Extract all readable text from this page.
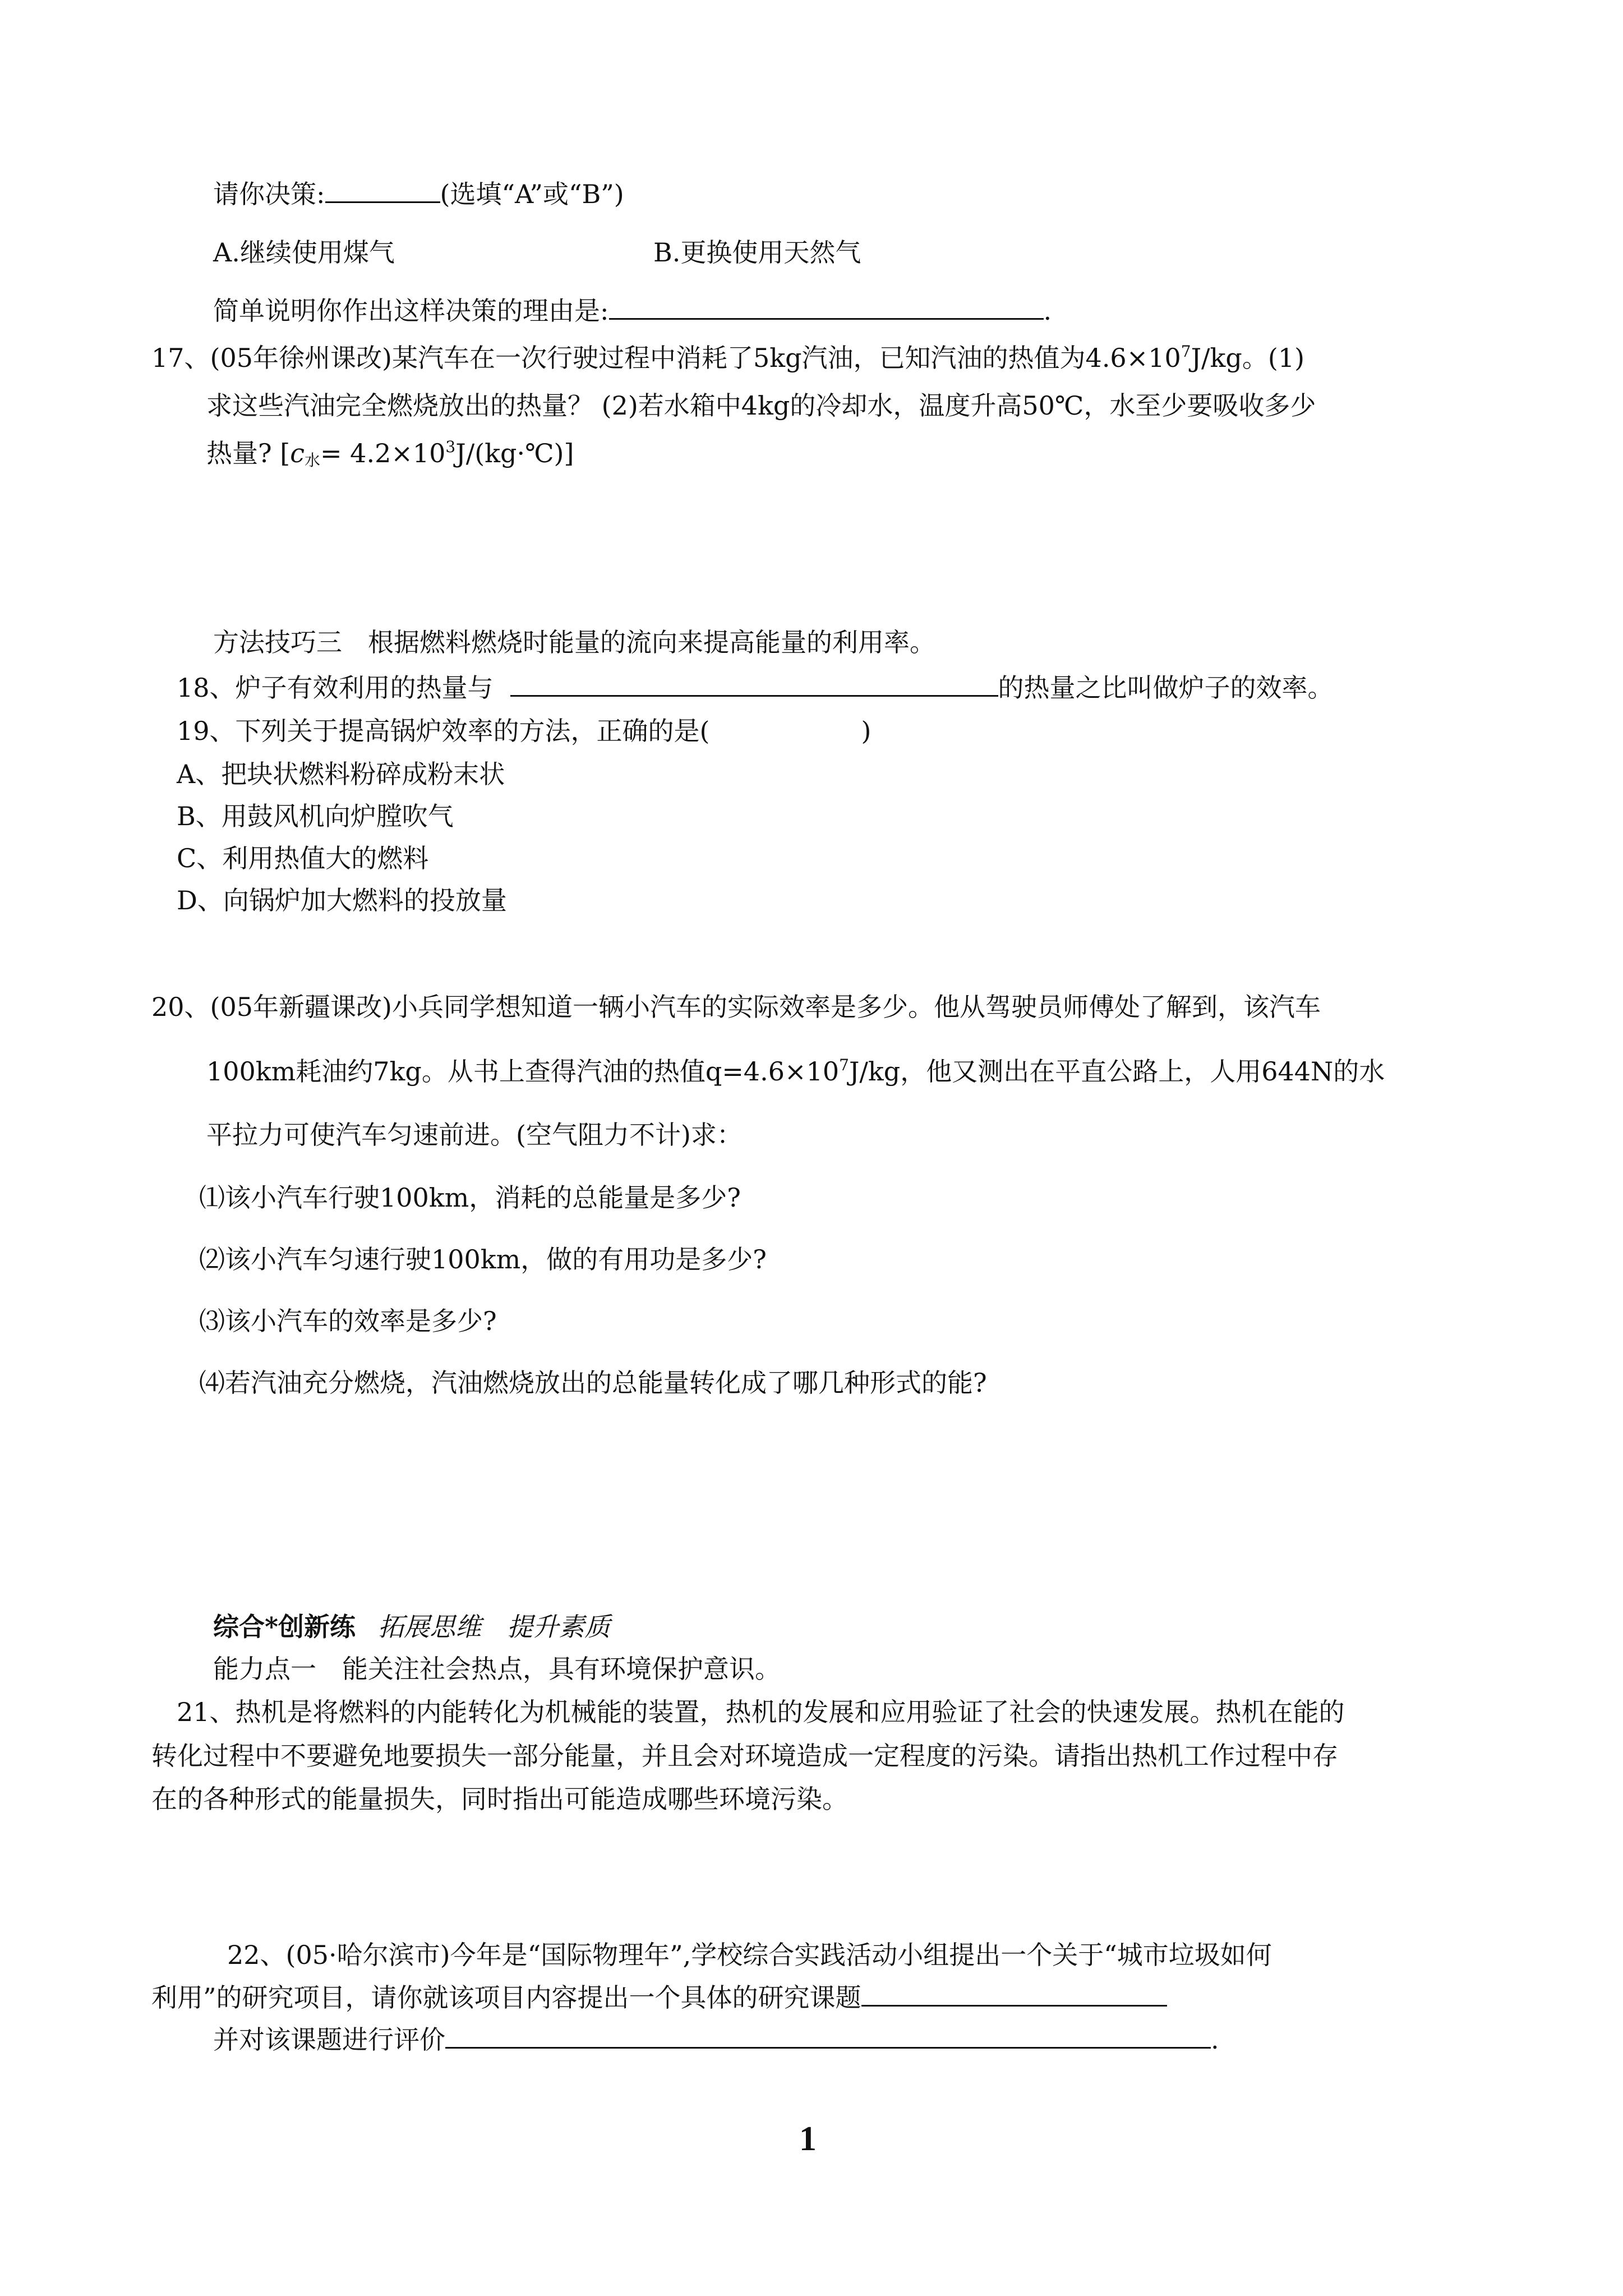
请你决策:	(选填“A”或“B”)
A.继续使用煤气	B.更换使用天然气
简单说明你作出这样决策的理由是:	.
17、(05年徐州课改)某汽车在一次行驶过程中消耗了5kg汽油，已知汽油的热值为$4.6\times 10^7J/kg$。(1)
求这些汽油完全燃烧放出的热量？ (2)若水箱中4kg的冷却水，温度升高50℃，水至少要吸收多少
热量? [$c_水=$ $4.2\times 10^3J/(kg\cdot℃)$]
方法技巧三　根据燃料燃烧时能量的流向来提高能量的利用率。
18、炉子有效利用的热量与	的热量之比叫做炉子的效率。
19、下列关于提高锅炉效率的方法，正确的是(	)
A、把块状燃料粉碎成粉末状
B、用鼓风机向炉膛吹气
C、利用热值大的燃料
D、向锅炉加大燃料的投放量
20、(05年新疆课改)小兵同学想知道一辆小汽车的实际效率是多少。他从驾驶员师傅处了解到，该汽车
100km耗油约7kg。从书上查得汽油的热值$q=4.6\times 10^7J/kg$，他又测出在平直公路上，人用644N的水
平拉力可使汽车匀速前进。(空气阻力不计)求：
⑴该小汽车行驶100km，消耗的总能量是多少?
⑵该小汽车匀速行驶100km，做的有用功是多少?
⑶该小汽车的效率是多少?
⑷若汽油充分燃烧，汽油燃烧放出的总能量转化成了哪几种形式的能?
综合*创新练 拓展思维　提升素质
能力点一　能关注社会热点，具有环境保护意识。
21、热机是将燃料的内能转化为机械能的装置，热机的发展和应用验证了社会的快速发展。热机在能的
转化过程中不要避免地要损失一部分能量，并且会对环境造成一定程度的污染。请指出热机工作过程中存
在的各种形式的能量损失，同时指出可能造成哪些环境污染。
22、(05·哈尔滨市)今年是“国际物理年”,学校综合实践活动小组提出一个关于“城市垃圾如何
利用”的研究项目，请你就该项目内容提出一个具体的研究课题
并对该课题进行评价	.
1
